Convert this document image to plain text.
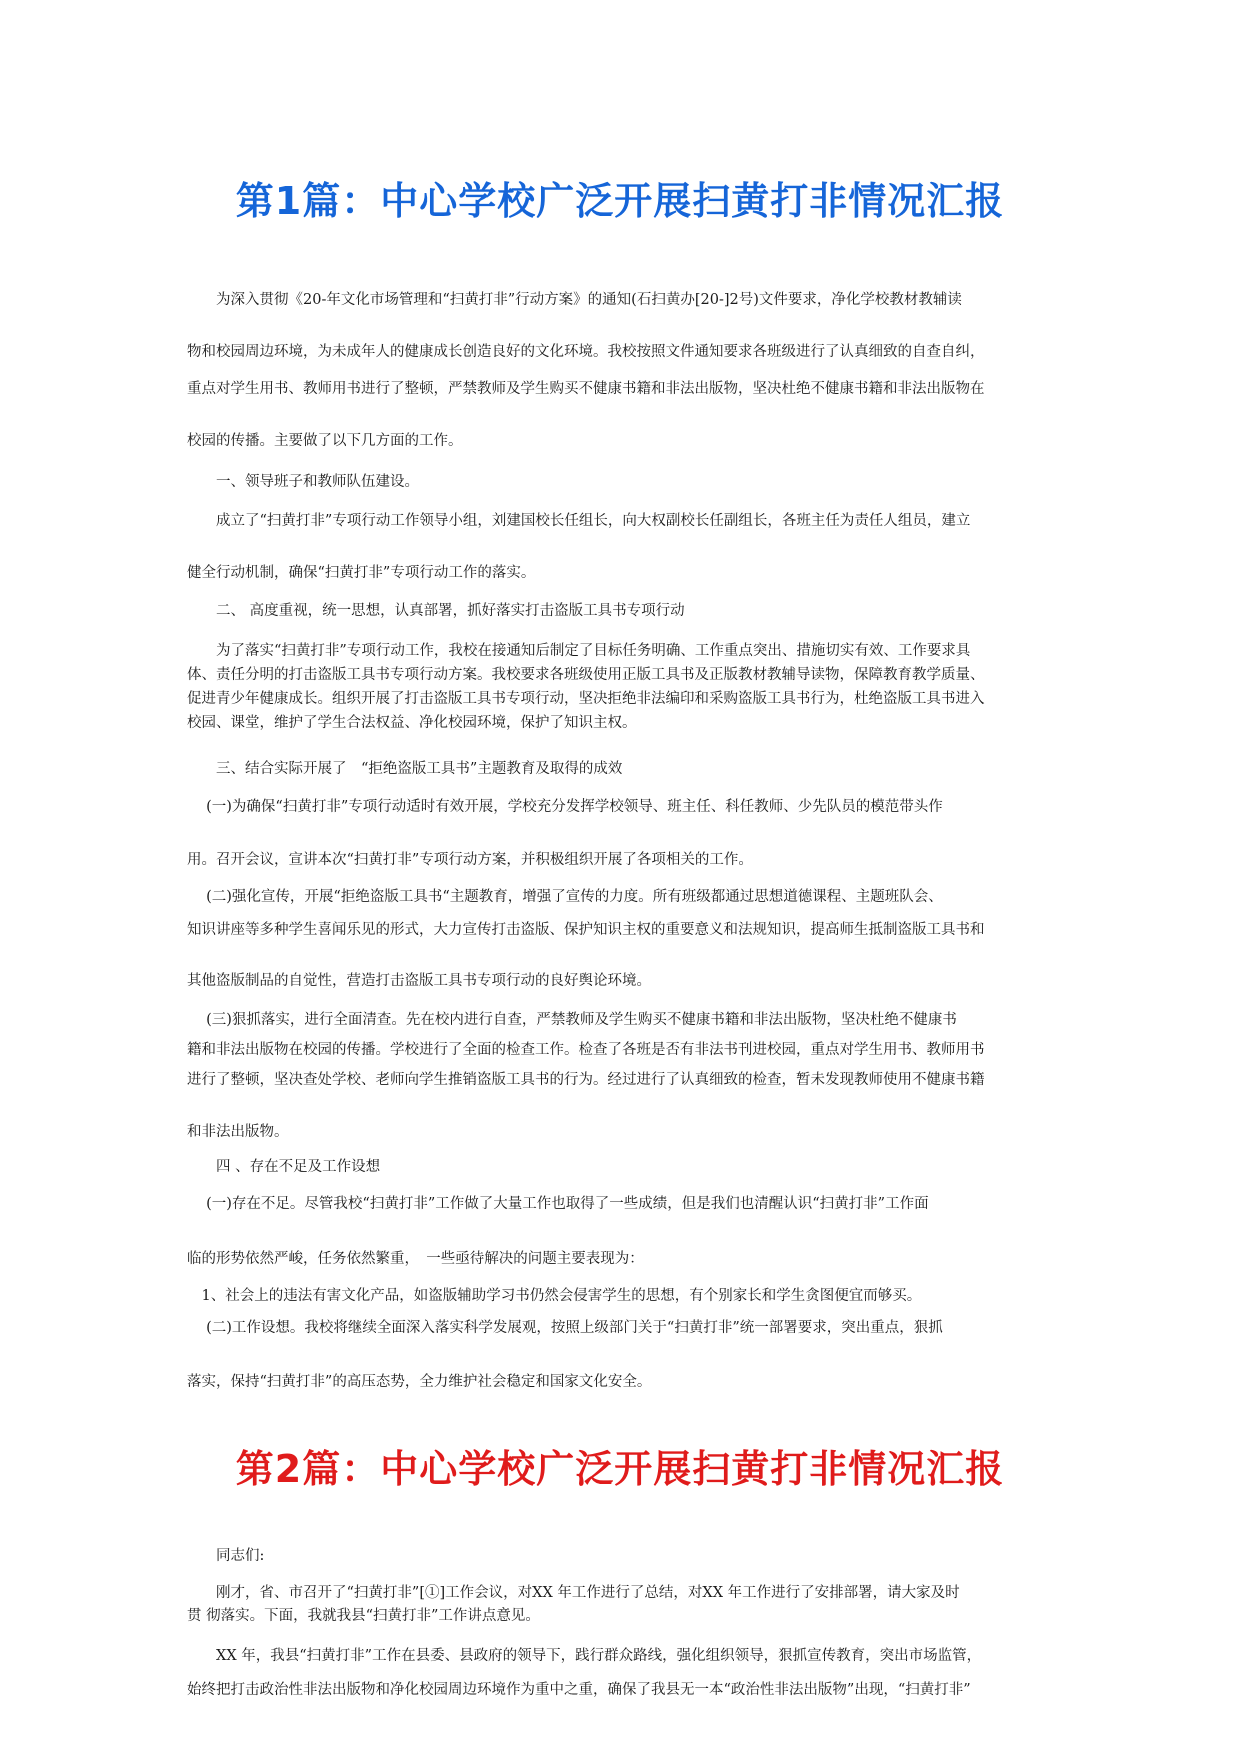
第1篇：中心学校广泛开展扫黄打非情况汇报

　　为深入贯彻《20-年文化市场管理和“扫黄打非”行动方案》的通知(石扫黄办[20-]2号)文件要求，净化学校教材教辅读

物和校园周边环境，为未成年人的健康成长创造良好的文化环境。我校按照文件通知要求各班级进行了认真细致的自查自纠，

重点对学生用书、教师用书进行了整顿，严禁教师及学生购买不健康书籍和非法出版物，坚决杜绝不健康书籍和非法出版物在

校园的传播。主要做了以下几方面的工作。

　　一、领导班子和教师队伍建设。

　　成立了“扫黄打非”专项行动工作领导小组，刘建国校长任组长，向大权副校长任副组长，各班主任为责任人组员，建立

健全行动机制，确保“扫黄打非”专项行动工作的落实。

　　二、 高度重视，统一思想，认真部署，抓好落实打击盗版工具书专项行动

　　为了落实“扫黄打非”专项行动工作，我校在接通知后制定了目标任务明确、工作重点突出、措施切实有效、工作要求具

体、责任分明的打击盗版工具书专项行动方案。我校要求各班级使用正版工具书及正版教材教辅导读物，保障教育教学质量、

促进青少年健康成长。组织开展了打击盗版工具书专项行动，坚决拒绝非法编印和采购盗版工具书行为，杜绝盗版工具书进入

校园、课堂，维护了学生合法权益、净化校园环境，保护了知识主权。

　　三、结合实际开展了　“拒绝盗版工具书”主题教育及取得的成效

　 (一)为确保“扫黄打非”专项行动适时有效开展，学校充分发挥学校领导、班主任、科任教师、少先队员的模范带头作

用。召开会议，宣讲本次“扫黄打非”专项行动方案，并积极组织开展了各项相关的工作。

　 (二)强化宣传，开展“拒绝盗版工具书“主题教育，增强了宣传的力度。所有班级都通过思想道德课程、主题班队会、

知识讲座等多种学生喜闻乐见的形式，大力宣传打击盗版、保护知识主权的重要意义和法规知识，提高师生抵制盗版工具书和

其他盗版制品的自觉性，营造打击盗版工具书专项行动的良好舆论环境。

　 (三)狠抓落实，进行全面清查。先在校内进行自查，严禁教师及学生购买不健康书籍和非法出版物，坚决杜绝不健康书

籍和非法出版物在校园的传播。学校进行了全面的检查工作。检查了各班是否有非法书刊进校园，重点对学生用书、教师用书

进行了整顿，坚决查处学校、老师向学生推销盗版工具书的行为。经过进行了认真细致的检查，暂未发现教师使用不健康书籍

和非法出版物。

　　四 、存在不足及工作设想

　 (一)存在不足。尽管我校“扫黄打非”工作做了大量工作也取得了一些成绩，但是我们也清醒认识“扫黄打非”工作面

临的形势依然严峻，任务依然繁重，　一些亟待解决的问题主要表现为：

　1、社会上的违法有害文化产品，如盗版辅助学习书仍然会侵害学生的思想，有个别家长和学生贪图便宜而够买。

　 (二)工作设想。我校将继续全面深入落实科学发展观，按照上级部门关于“扫黄打非”统一部署要求，突出重点，狠抓

落实，保持“扫黄打非”的高压态势，全力维护社会稳定和国家文化安全。

第2篇：中心学校广泛开展扫黄打非情况汇报

　　同志们:

　　刚才，省、市召开了“扫黄打非”[①]工作会议，对XX 年工作进行了总结，对XX 年工作进行了安排部署，请大家及时

贯 彻落实。下面，我就我县“扫黄打非”工作讲点意见。

　　XX 年，我县“扫黄打非”工作在县委、县政府的领导下，践行群众路线，强化组织领导，狠抓宣传教育，突出市场监管，

始终把打击政治性非法出版物和净化校园周边环境作为重中之重，确保了我县无一本“政治性非法出版物”出现，“扫黄打非”
